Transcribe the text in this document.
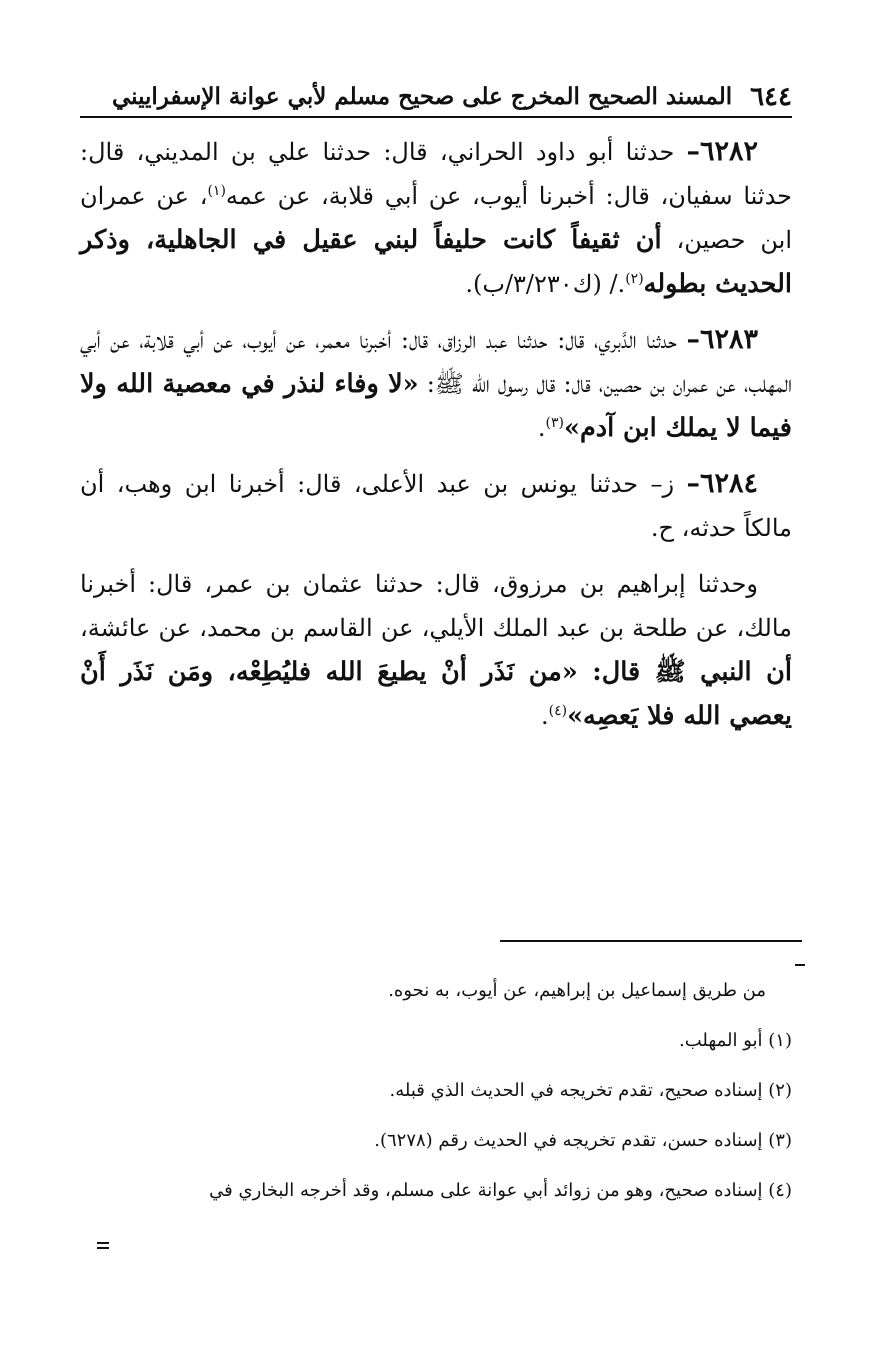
٦٤٤
المسند الصحيح المخرج على صحيح مسلم لأبي عوانة الإسفراييني

٦٢٨٢– حدثنا أبو داود الحراني، قال: حدثنا علي بن المديني، قال: حدثنا سفيان، قال: أخبرنا أيوب، عن أبي قلابة، عن عمه$^{(١)}$، عن عمران ابن حصين، أن ثقيفاً كانت حليفاً لبني عقيل في الجاهلية، وذكر الحديث بطوله$^{(٢)}$./ (ك٣/٢٣٠/ب).

٦٢٨٣– حدثنا الدَّبري، قال: حدثنا عبد الرزاق، قال: أخبرنا معمر، عن أيوب، عن أبي قلابة، عن أبي المهلب، عن عمران بن حصين، قال: قال رسول الله ﷺ: «لا وفاء لنذر في معصية الله ولا فيما لا يملك ابن آدم»$^{(٣)}$.

٦٢٨٤– ز– حدثنا يونس بن عبد الأعلى، قال: أخبرنا ابن وهب، أن مالكاً حدثه، ح.

وحدثنا إبراهيم بن مرزوق، قال: حدثنا عثمان بن عمر، قال: أخبرنا مالك، عن طلحة بن عبد الملك الأيلي، عن القاسم بن محمد، عن عائشة، أن النبي ﷺ قال: «من نَذَر أنْ يطيعَ الله فليُطِعْه، ومَن نَذَر أَنْ يعصي الله فلا يَعصِه»$^{(٤)}$.

من طريق إسماعيل بن إبراهيم، عن أيوب، به نحوه.

(١) أبو المهلب.

(٢) إسناده صحيح، تقدم تخريجه في الحديث الذي قبله.

(٣) إسناده حسن، تقدم تخريجه في الحديث رقم (٦٢٧٨).

(٤) إسناده صحيح، وهو من زوائد أبي عوانة على مسلم، وقد أخرجه البخاري في
